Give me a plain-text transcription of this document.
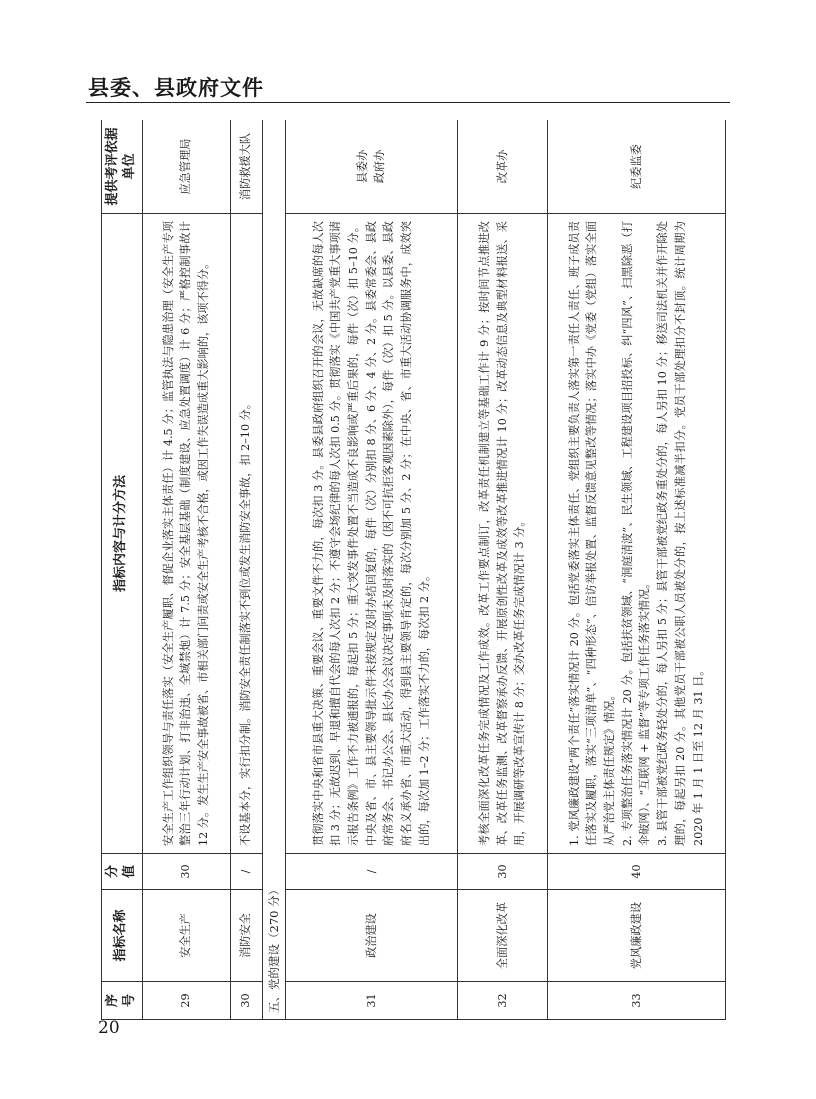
县委、县政府文件
序号	指标名称	分值	指标内容与计分方法	提供考评依据单位
29	安全生产	30	安全生产工作组织领导与责任落实（安全生产履职、督促企业落实主体责任）计 4.5 分；监管执法与隐患治理（安全生产专项整治三年行动计划、打非治违、全域禁炮）计 7.5 分；安全基层基础（制度建设、应急处置调度）计 6 分；严格控制事故计 12 分。发生生产安全事故被省、市相关部门问责或安全生产考核不合格，或因工作失误造成重大影响的，该项不得分。	应急管理局
30	消防安全	/	不设基本分，实行扣分制。消防安全责任制落实不到位或发生消防安全事故，扣 2–10 分。	消防救援大队
五、党的建设（270 分）				
31	政治建设	/	贯彻落实中央和省市县重大决策、重要会议、重要文件不力的，每次扣 3 分。县委县政府组织召开的会议，无故缺席的每人次扣 3 分；无故迟到、早退和擅自代会的每人次扣 2 分；不遵守会场纪律的每人次扣 0.5 分。贯彻落实《中国共产党重大事项请示报告条例》工作不力被通报的，每起扣 5 分；重大突发事件处置不当造成不良影响或严重后果的，每件（次）扣 5–10 分。中央及省、市、县主要领导批示件未按规定及时办结回复的，每件（次）分别扣 8 分、6 分、4 分、2 分。县委常委会、县政府常务会、书记办公会、县长办公会议决定事项未及时落实的（因不可抗拒客观因素除外），每件（次）扣 5 分。以县委、县政府名义承办省、市重大活动，得到县主要领导肯定的，每次分别加 5 分、2 分；在中央、省、市重大活动协调服务中，成效突出的，每次加 1–2 分；工作落实不力的，每次扣 2 分。	县委办
政府办
32	全面深化改革	30	考核全面深化改革任务完成情况及工作成效。改革工作要点制订，改革责任机制建立等基础工作计 9 分；按时间节点推进改革、改革任务监测、改革督察承办反馈、开展原创性改革及成效等改革推进情况计 10 分；改革动态信息及典型材料报送、采用，开展调研等改革宣传计 8 分；交办改革任务完成情况计 3 分。	改革办
33	党风廉政建设	40	1. 党风廉政建设“两个责任”落实情况计 20 分。包括党委落实主体责任、党组织主要负责人落实第一责任人责任、班子成员责任落实及履职，落实“三项清单”、“四种形态”、信访举报处置、监督反馈意见整改等情况；落实中办《党委（党组）落实全面从严治党主体责任规定》情况。
2. 专项整治任务落实情况计 20 分。包括扶贫领域、“洞庭清波”、民生领域、工程建设项目招投标、纠“四风”、扫黑除恶（打伞破网）、“互联网 + 监督”等专项工作任务落实情况。
3. 县管干部被党纪政务轻处分的，每人另扣 5 分；县管干部被党纪政务重处分的，每人另扣 10 分；移送司法机关并作开除处理的，每起另扣 20 分。其他党员干部被公职人员被处分的，按上述标准减半扣分。党员干部处理扣分不封顶。统计周期为 2020 年 1 月 1 日至 12 月 31 日。	纪委监委
20
